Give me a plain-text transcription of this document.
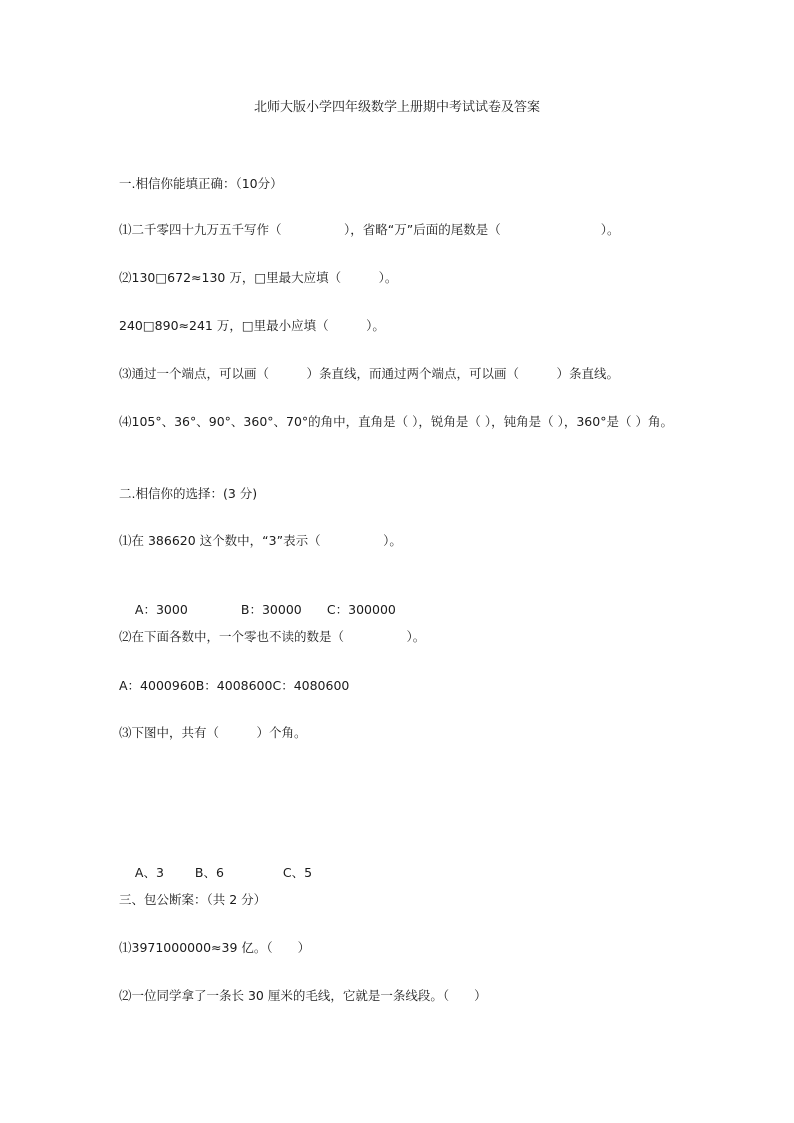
北师大版小学四年级数学上册期中考试试卷及答案
一.相信你能填正确：（10分）
⑴二千零四十九万五千写作（　　　　　），省略“万”后面的尾数是（　　　　　　　　）。
⑵130□672≈130 万，□里最大应填（　　　）。
240□890≈241 万，□里最小应填（　　　）。
⑶通过一个端点，可以画（　　　）条直线，而通过两个端点，可以画（　　　）条直线。
⑷105°、36°、90°、360°、70°的角中，直角是（ ），锐角是（ ），钝角是（ ），360°是（ ）角。
二.相信你的选择：(3 分)
⑴在 386620 这个数中，“3”表示（　　　　　）。

A：3000	B：30000 C：300000

⑵在下面各数中，一个零也不读的数是（　　　　　）。
A：4000960B：4008600C：4080600
⑶下图中，共有（　　　）个角。

A、3 B、6	C、5

三、包公断案：（共 2 分）
⑴3971000000≈39 亿。（　　）
⑵一位同学拿了一条长 30 厘米的毛线，它就是一条线段。（　　）
